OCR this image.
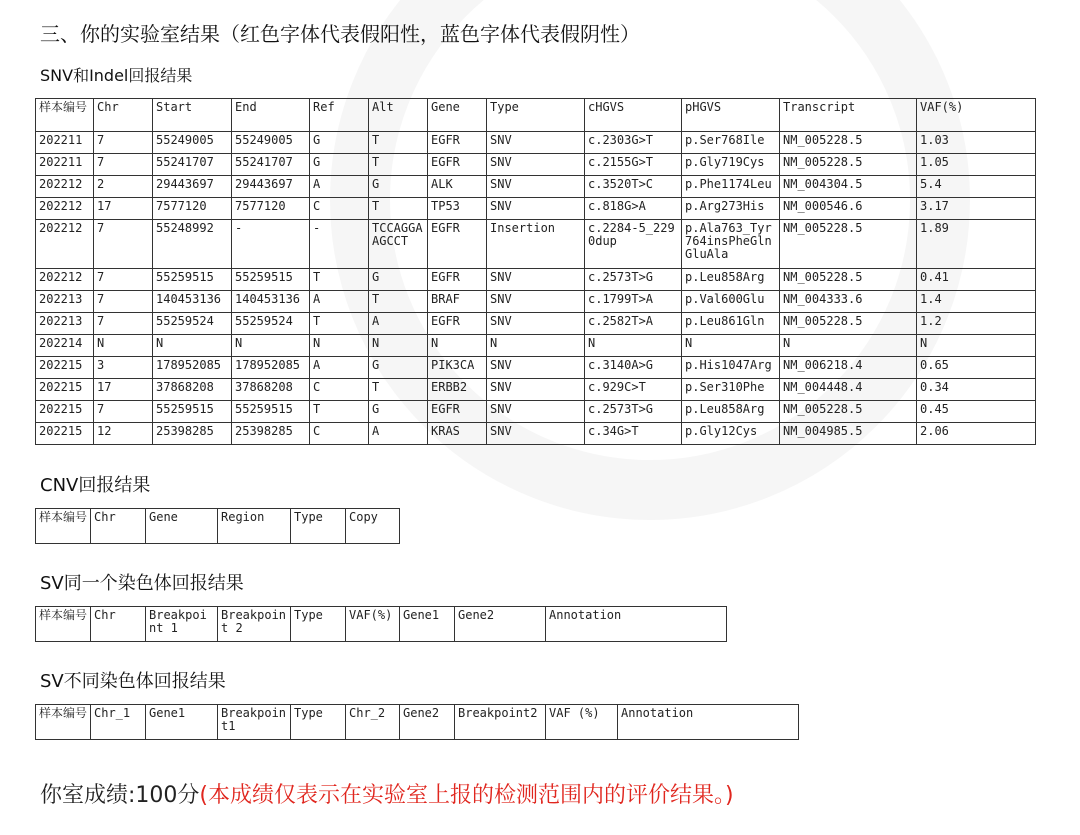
三、你的实验室结果（红色字体代表假阳性，蓝色字体代表假阴性）
SNV和Indel回报结果
样本编号	Chr	Start	End	Ref	Alt	Gene	Type	cHGVS	pHGVS	Transcript	VAF(%)
202211	7	55249005	55249005	G	T	EGFR	SNV	c.2303G>T	p.Ser768Ile	NM_005228.5	1.03
202211	7	55241707	55241707	G	T	EGFR	SNV	c.2155G>T	p.Gly719Cys	NM_005228.5	1.05
202212	2	29443697	29443697	A	G	ALK	SNV	c.3520T>C	p.Phe1174Leu	NM_004304.5	5.4
202212	17	7577120	7577120	C	T	TP53	SNV	c.818G>A	p.Arg273His	NM_000546.6	3.17
202212	7	55248992	-	-	TCCAGGAAGCCT	EGFR	Insertion	c.2284-5_2290dup	p.Ala763_Tyr764insPheGlnGluAla	NM_005228.5	1.89
202212	7	55259515	55259515	T	G	EGFR	SNV	c.2573T>G	p.Leu858Arg	NM_005228.5	0.41
202213	7	140453136	140453136	A	T	BRAF	SNV	c.1799T>A	p.Val600Glu	NM_004333.6	1.4
202213	7	55259524	55259524	T	A	EGFR	SNV	c.2582T>A	p.Leu861Gln	NM_005228.5	1.2
202214	N	N	N	N	N	N	N	N	N	N	N
202215	3	178952085	178952085	A	G	PIK3CA	SNV	c.3140A>G	p.His1047Arg	NM_006218.4	0.65
202215	17	37868208	37868208	C	T	ERBB2	SNV	c.929C>T	p.Ser310Phe	NM_004448.4	0.34
202215	7	55259515	55259515	T	G	EGFR	SNV	c.2573T>G	p.Leu858Arg	NM_005228.5	0.45
202215	12	25398285	25398285	C	A	KRAS	SNV	c.34G>T	p.Gly12Cys	NM_004985.5	2.06
CNV回报结果
样本编号	Chr	Gene	Region	Type	Copy
SV同一个染色体回报结果
样本编号	Chr	Breakpoint 1	Breakpoint 2	Type	VAF(%)	Gene1	Gene2	Annotation
SV不同染色体回报结果
样本编号	Chr_1	Gene1	Breakpoint1	Type	Chr_2	Gene2	Breakpoint2	VAF (%)	Annotation

你室成绩:100分(本成绩仅表示在实验室上报的检测范围内的评价结果。)
